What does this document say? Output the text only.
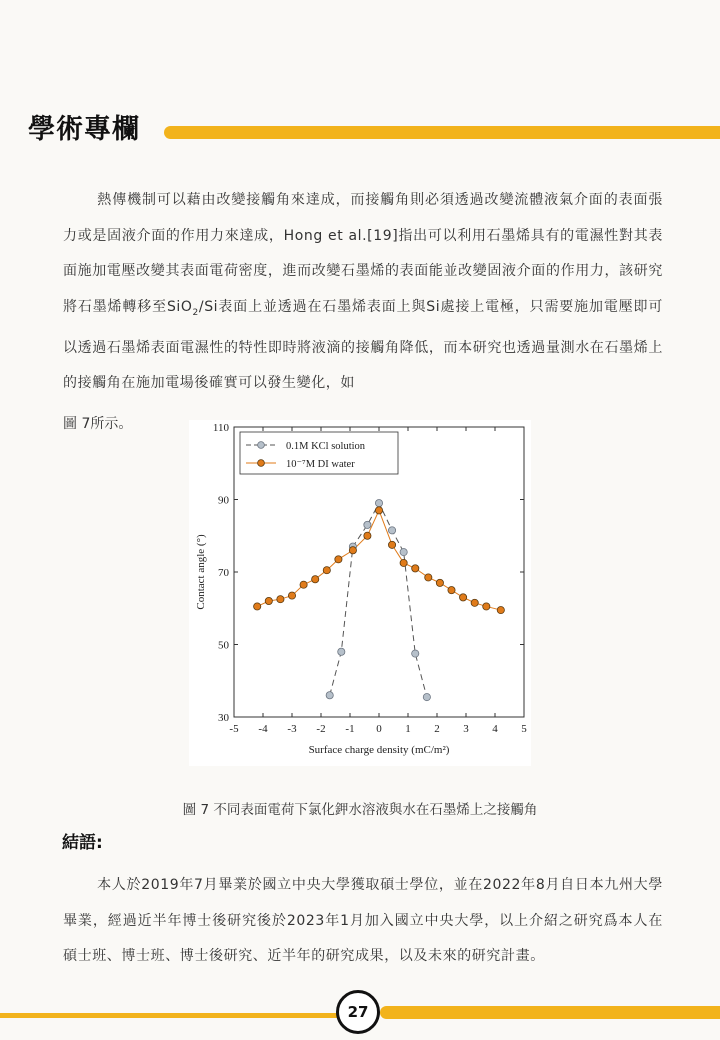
學術專欄

熱傳機制可以藉由改變接觸角來達成，而接觸角則必須透過改變流體液氣介面的表面張力或是固液介面的作用力來達成，Hong et al.[19]指出可以利用石墨烯具有的電濕性對其表面施加電壓改變其表面電荷密度，進而改變石墨烯的表面能並改變固液介面的作用力，該研究將石墨烯轉移至SiO$_2$/Si表面上並透過在石墨烯表面上與Si處接上電極，只需要施加電壓即可以透過石墨烯表面電濕性的特性即時將液滴的接觸角降低，而本研究也透過量測水在石墨烯上的接觸角在施加電場後確實可以發生變化，如

圖 7所示。
-5 -4 -3 -2 -1 0 1 2 3 4 5
30
50
70
90
110
Surface charge density (mC/m²)
Contact angle (°)
0.1M KCl solution
10⁻⁷M DI water
圖 7 不同表面電荷下氯化鉀水溶液與水在石墨烯上之接觸角
結語:

本人於2019年7月畢業於國立中央大學獲取碩士學位，並在2022年8月自日本九州大學畢業，經過近半年博士後研究後於2023年1月加入國立中央大學，以上介紹之研究爲本人在碩士班、博士班、博士後研究、近半年的研究成果，以及未來的研究計畫。

27
